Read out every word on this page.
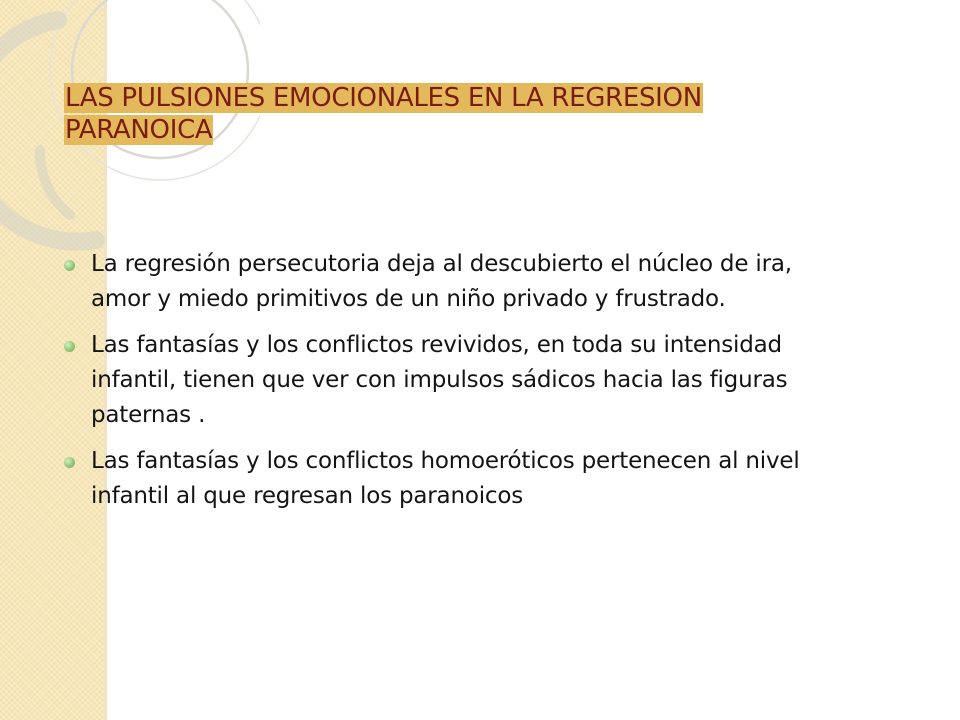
LAS PULSIONES EMOCIONALES EN LA REGRESION
PARANOICA
La regresión persecutoria deja al descubierto el núcleo de ira,
amor y miedo primitivos de un niño privado y frustrado.
Las fantasías y los conflictos revividos, en toda su intensidad
infantil, tienen que ver con impulsos sádicos hacia las figuras
paternas .
Las fantasías y los conflictos homoeróticos pertenecen al nivel
infantil al que regresan los paranoicos
